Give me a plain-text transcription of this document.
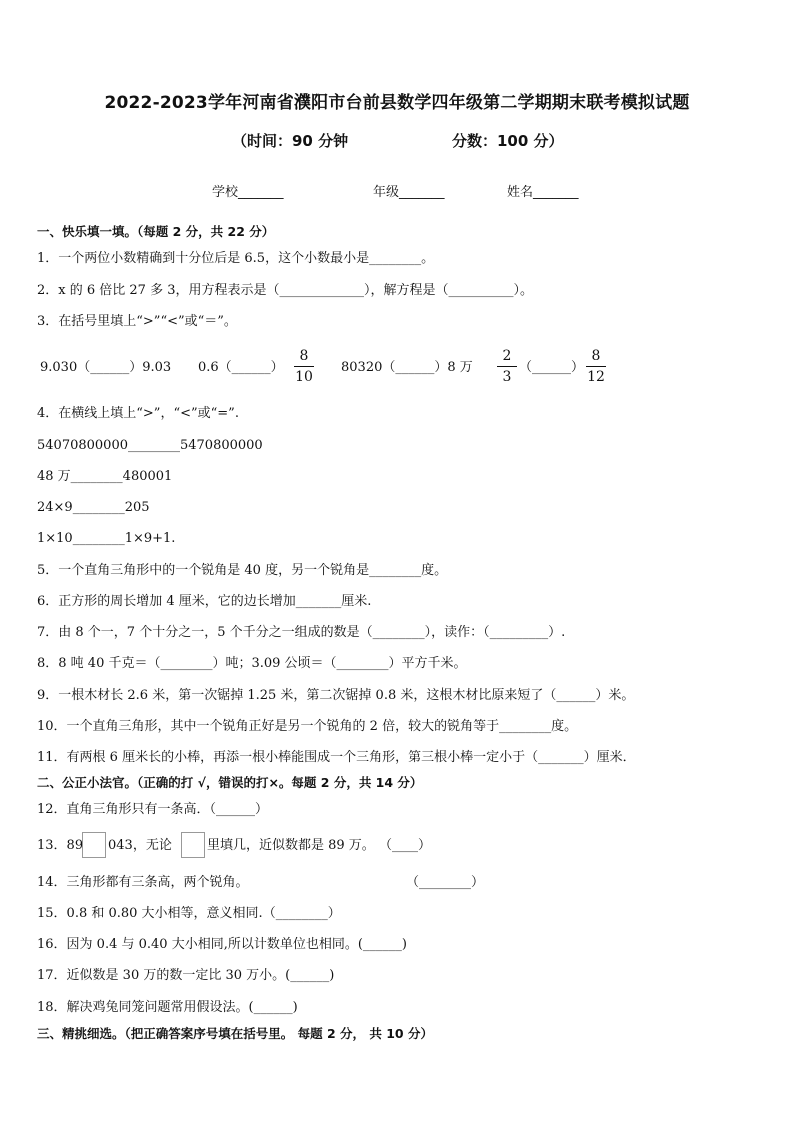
2022-2023学年河南省濮阳市台前县数学四年级第二学期期末联考模拟试题
（时间：90 分钟	分数：100 分）
学校_______	年级_______	姓名_______
一、快乐填一填。（每题 2 分，共 22 分）
1．一个两位小数精确到十分位后是 6.5，这个小数最小是________。
2．x 的 6 倍比 27 多 3，用方程表示是（_____________），解方程是（__________）。
3．在括号里填上“>”“<”或“＝”。
9.030（______）9.03 0.6（______）
8
10
80320（______）8 万
2
3
（______）
8
12
4．在横线上填上“>”，“<”或“=”.
54070800000________5470800000
48 万________480001
24×9________205
1×10________1×9+1.
5．一个直角三角形中的一个锐角是 40 度，另一个锐角是________度。
6．正方形的周长增加 4 厘米，它的边长增加_______厘米.
7．由 8 个一，7 个十分之一，5 个千分之一组成的数是（________），读作：（_________）.
8．8 吨 40 千克＝（________）吨；3.09 公顷＝（________）平方千米。
9．一根木材长 2.6 米，第一次锯掉 1.25 米，第二次锯掉 0.8 米，这根木材比原来短了（______）米。
10．一个直角三角形，其中一个锐角正好是另一个锐角的 2 倍，较大的锐角等于________度。
11．有两根 6 厘米长的小棒，再添一根小棒能围成一个三角形，第三根小棒一定小于（_______）厘米．
二、公正小法官。（正确的打 √，错误的打×。每题 2 分，共 14 分）
12．直角三角形只有一条高．（______）
13．89 043，无论	里填几，近似数都是 89 万。 （____）
14．三角形都有三条高，两个锐角。	（________）
15．0.8 和 0.80 大小相等，意义相同.（________）
16．因为 0.4 与 0.40 大小相同,所以计数单位也相同。(______)
17．近似数是 30 万的数一定比 30 万小。(______)
18．解决鸡兔同笼问题常用假设法。(______)
三、精挑细选。（把正确答案序号填在括号里。 每题 2 分， 共 10 分）
